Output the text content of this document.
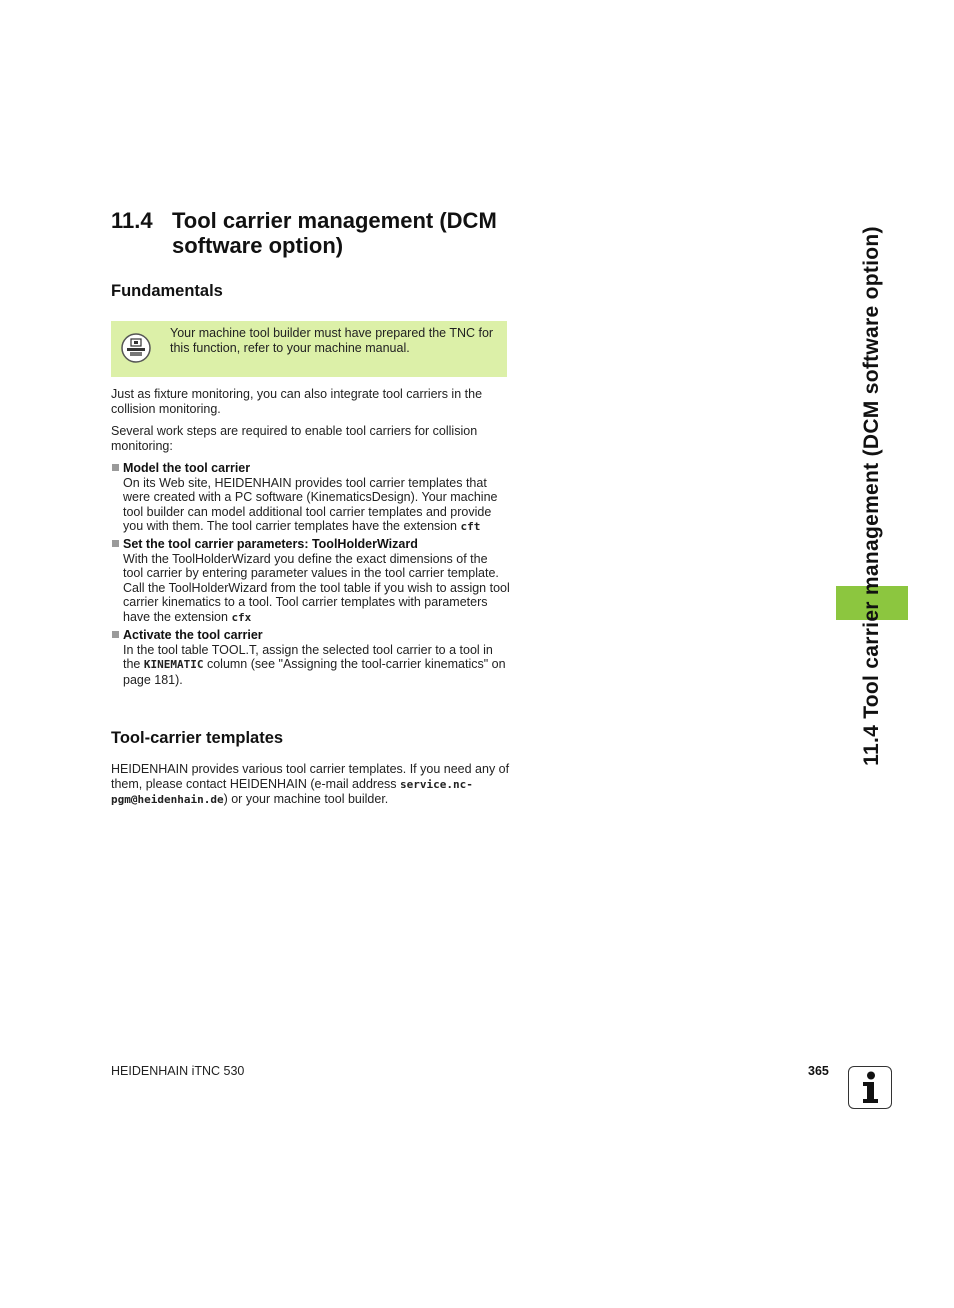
11.4 Tool carrier management (DCM software option)
Fundamentals
Your machine tool builder must have prepared the TNC for this function, refer to your machine manual.
Just as fixture monitoring, you can also integrate tool carriers in the collision monitoring.
Several work steps are required to enable tool carriers for collision monitoring:
Model the tool carrier
On its Web site, HEIDENHAIN provides tool carrier templates that were created with a PC software (KinematicsDesign). Your machine tool builder can model additional tool carrier templates and provide you with them. The tool carrier templates have the extension cft
Set the tool carrier parameters: ToolHolderWizard
With the ToolHolderWizard you define the exact dimensions of the tool carrier by entering parameter values in the tool carrier template. Call the ToolHolderWizard from the tool table if you wish to assign tool carrier kinematics to a tool. Tool carrier templates with parameters have the extension cfx
Activate the tool carrier
In the tool table TOOL.T, assign the selected tool carrier to a tool in the KINEMATIC column (see "Assigning the tool-carrier kinematics" on page 181).
Tool-carrier templates
HEIDENHAIN provides various tool carrier templates. If you need any of them, please contact HEIDENHAIN (e-mail address service.nc-
pgm@heidenhain.de) or your machine tool builder.
11.4 Tool carrier management (DCM software option)
HEIDENHAIN iTNC 530	365
